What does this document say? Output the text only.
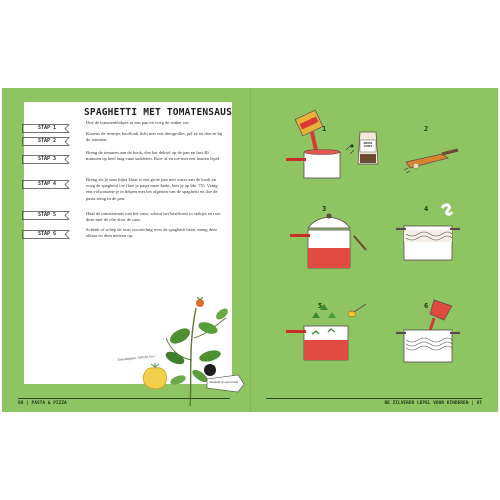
SPAGHETTI MET TOMATENSAUS

Doe de tomatenblokjes in een pan en voeg de suiker toe.

Knoeus de teentjes knoflook licht met een dreogroller, pel ze en doe ze bij de tomaten.

Breng de tomaten aan de kook, doe het deksel op de pan en laat 40 minuten op heel laag vuur sudderen. Roer af en toe met een houten lepel.

Breng als je saus bijna klaar is een grote pan met water aan de kook en voeg de spaghetti toe (hoe je pasta meet kiekt, lees je op blz. 75). Vraag een volwassene je te helpen met het afgieten van de spaghetti en doe de pasta terug in de pan.

Haal de tomatensaus van het vuur, scheur het basilicum in stukjes en roer deze met de olie door de saus.

Schenk of schep de saus voorzichtig over de spaghetti heen, meng deze elkaar en dien meteen op.

STAP 1
STAP 2
STAP 3
STAP 4
STAP 5
STAP 6
Tomatenplant: 'Schone van...'
Solanum lycopersicum
86 | PASTA & PIZZA	DE ZILVEREN LEPEL VOOR KINDEREN | 87
1	2
3	4
5	6
BRUINE SUIKER
